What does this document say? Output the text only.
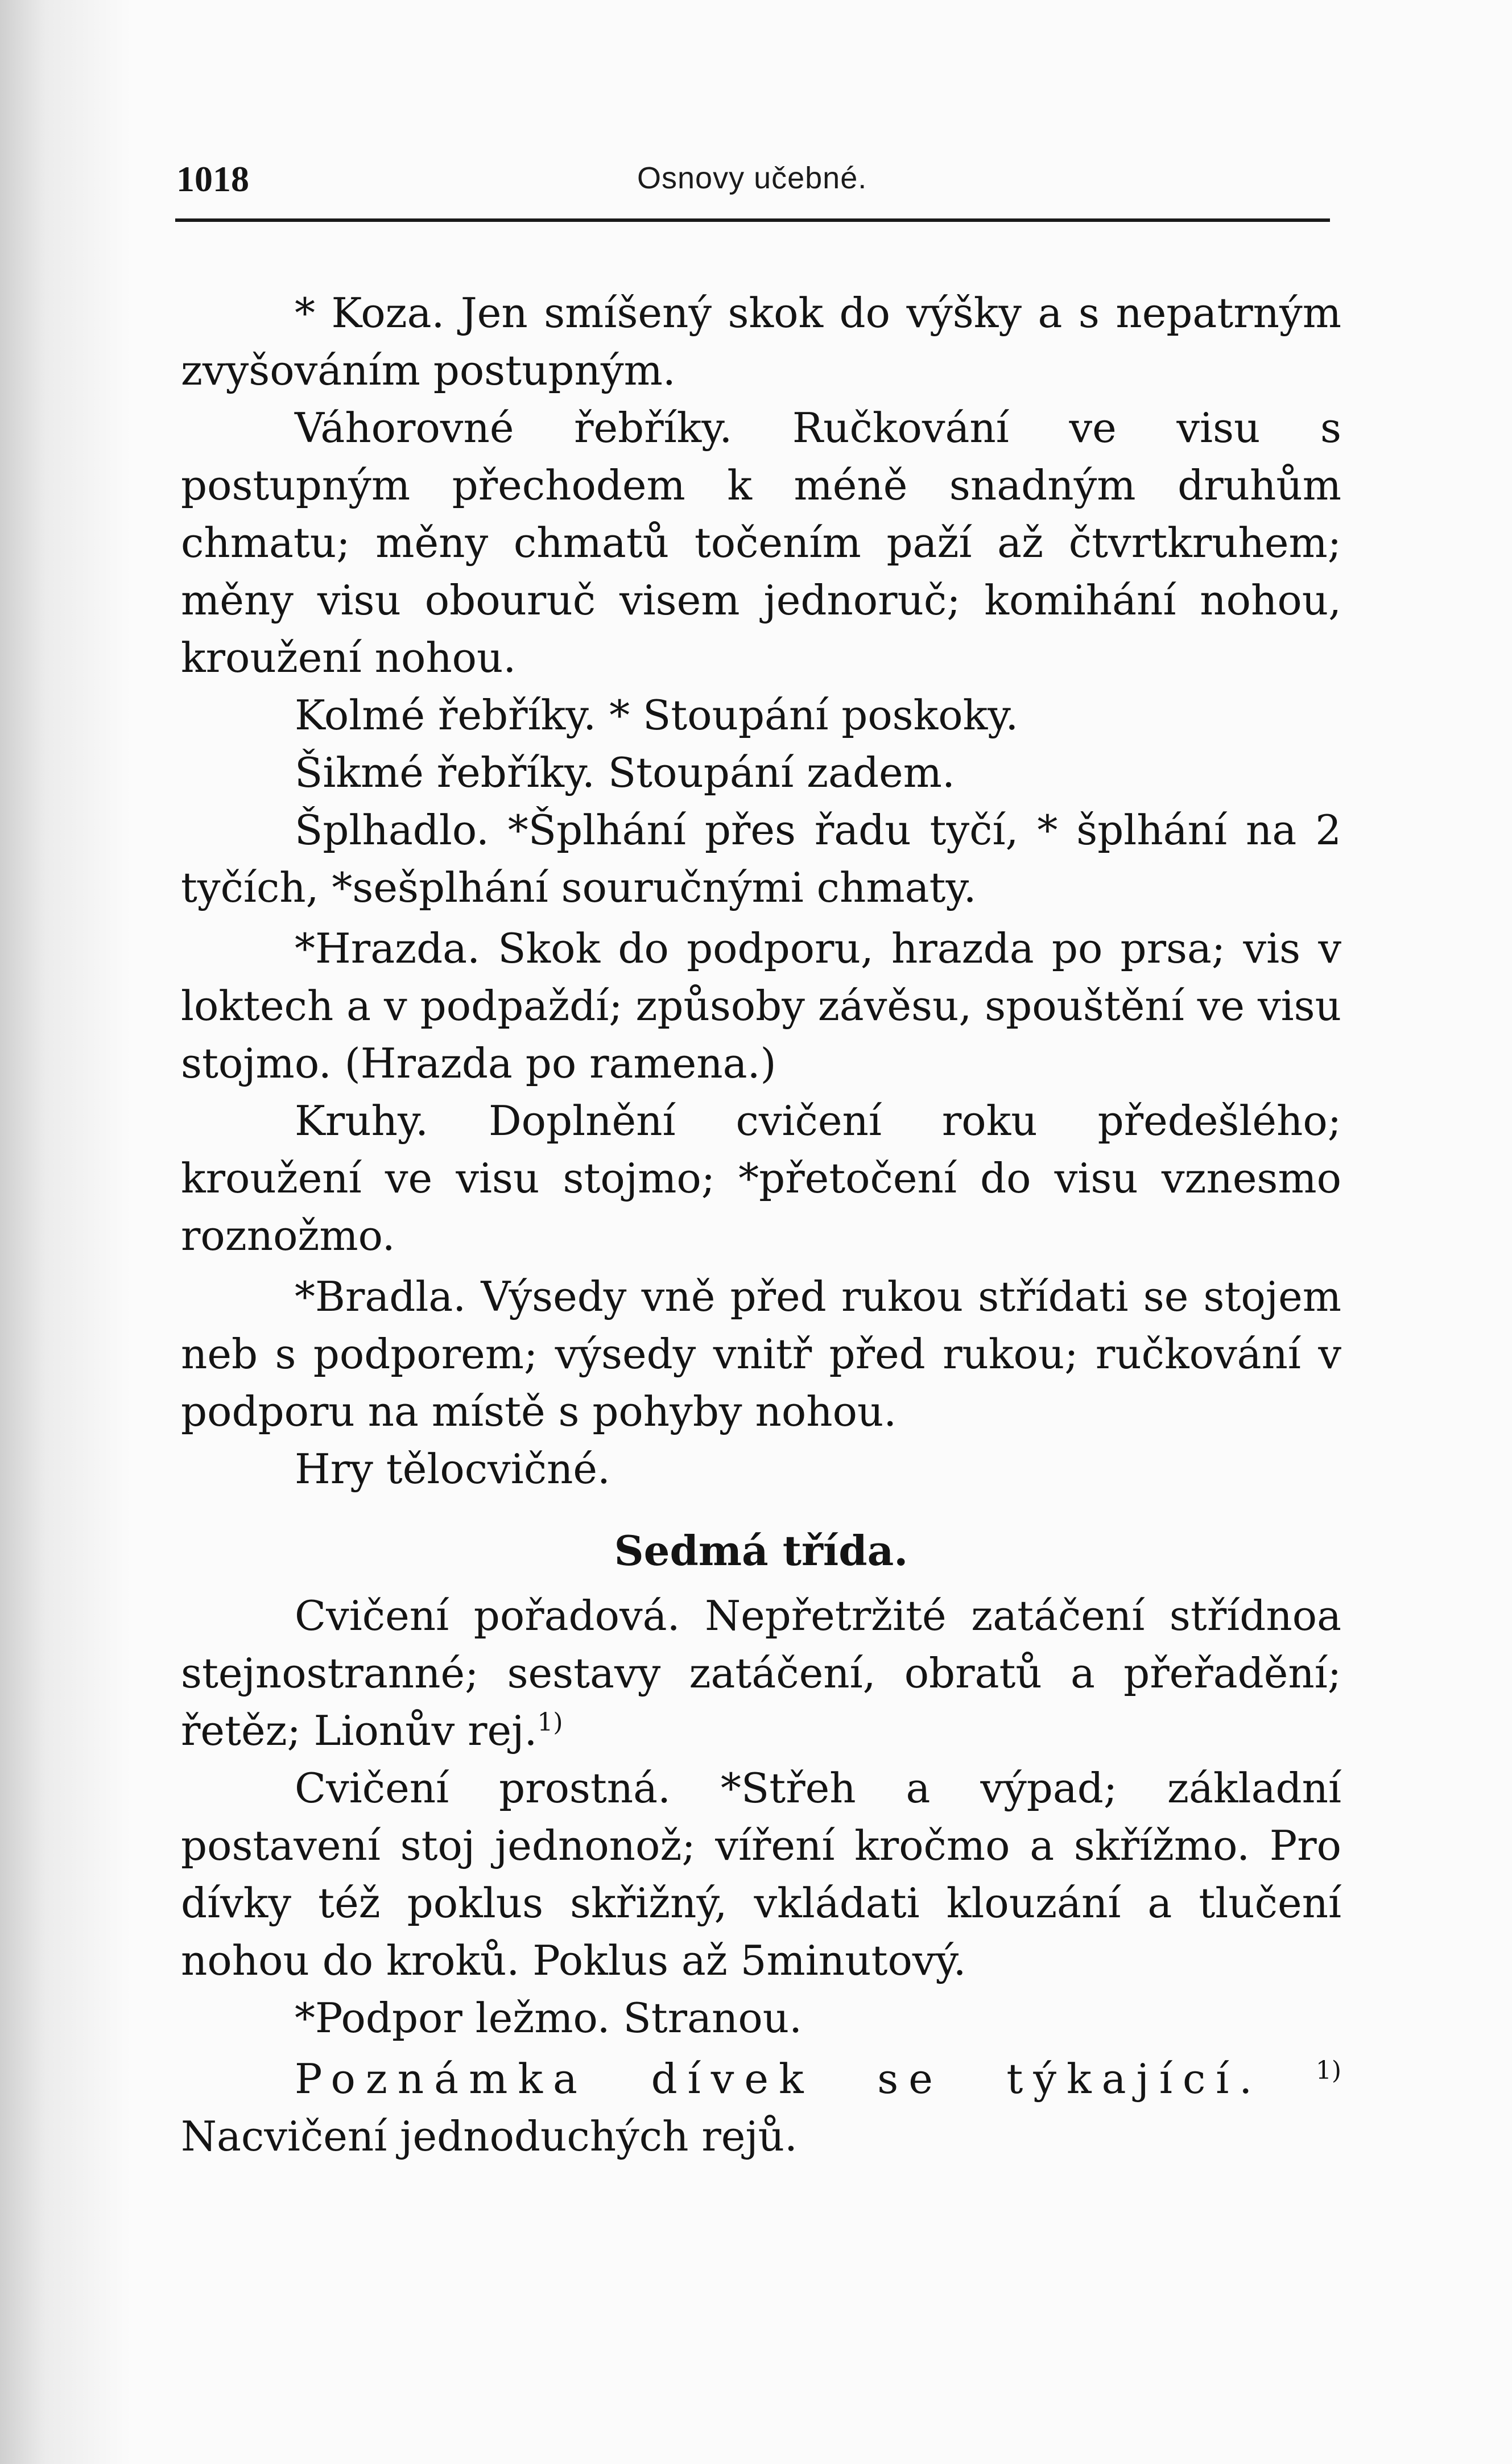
1018	Osnovy učebné.

* Koza. Jen smíšený skok do výšky a s nepatrným zvyšováním postupným.

Váhorovné řebříky. Ručkování ve visu s postupným přechodem k méně snadným druhům chmatu; měny chmatů točením paží až čtvrtkruhem; měny visu obouruč visem jednoruč; komihání nohou, kroužení nohou.

Kolmé řebříky. * Stoupání poskoky.

Šikmé řebříky. Stoupání zadem.

Šplhadlo. *Šplhání přes řadu tyčí, * šplhání na 2 tyčích, *sešplhání souručnými chmaty.

*Hrazda. Skok do podporu, hrazda po prsa; vis v loktech a v podpaždí; způsoby závěsu, spouštění ve visu stojmo. (Hrazda po ramena.)

Kruhy. Doplnění cvičení roku předešlého; kroužení ve visu stojmo; *přetočení do visu vznesmo roznožmo.

*Bradla. Výsedy vně před rukou střídati se stojem neb s podporem; výsedy vnitř před rukou; ručkování v podporu na místě s pohyby nohou.

Hry tělocvičné.

Sedmá třída.

Cvičení pořadová. Nepřetržité zatáčení střídnoa stejnostranné; sestavy zatáčení, obratů a přeřadění; řetěz; Lionův rej.$^{1)}$

Cvičení prostná. *Střeh a výpad; základní postavení stoj jednonož; víření kročmo a skřížmo. Pro dívky též poklus skřižný, vkládati klouzání a tlučení nohou do kroků. Poklus až 5minutový.

*Podpor ležmo. Stranou.

Poznámka dívek se týkající. $^{1)}$ Nacvičení jednoduchých rejů.
